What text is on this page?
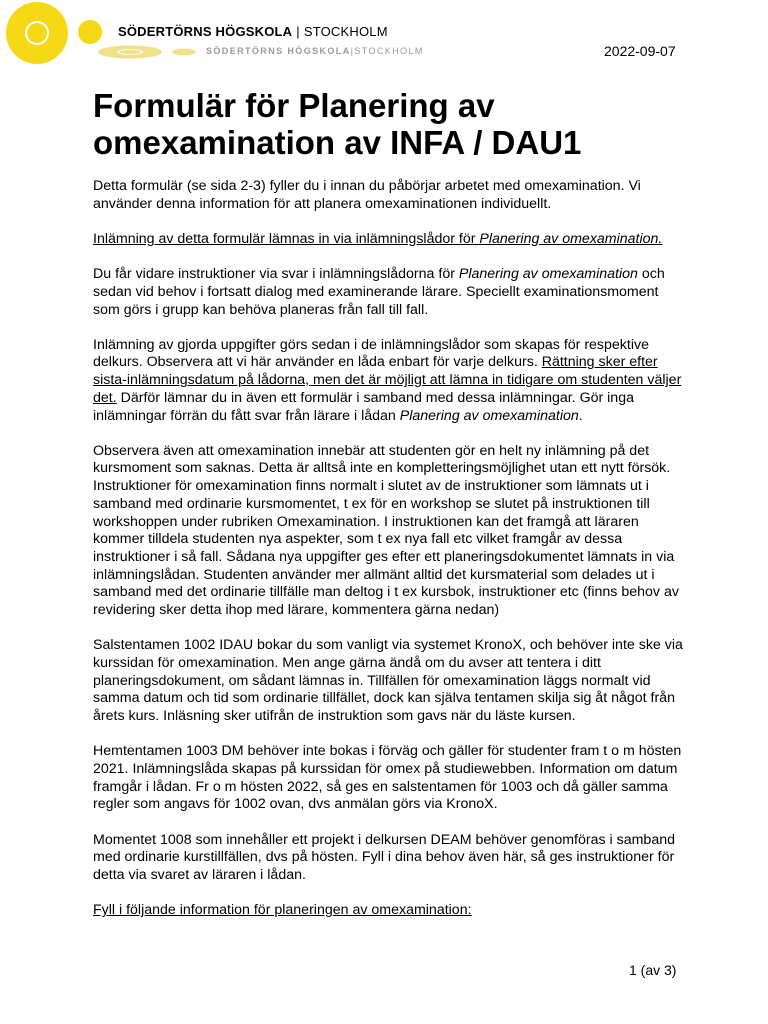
SÖDERTÖRNS HÖGSKOLA | STOCKHOLM
SÖDERTÖRNS HÖGSKOLA|STOCKHOLM	2022-09-07
Formulär för Planering av omexamination av INFA / DAU1

Detta formulär (se sida 2-3) fyller du i innan du påbörjar arbetet med omexamination. Vi använder denna information för att planera omexaminationen individuellt.

Inlämning av detta formulär lämnas in via inlämningslådor för Planering av omexamination.

Du får vidare instruktioner via svar i inlämningslådorna för Planering av omexamination och sedan vid behov i fortsatt dialog med examinerande lärare. Speciellt examinationsmoment som görs i grupp kan behöva planeras från fall till fall.

Inlämning av gjorda uppgifter görs sedan i de inlämningslådor som skapas för respektive delkurs. Observera att vi här använder en låda enbart för varje delkurs. Rättning sker efter sista-inlämningsdatum på lådorna, men det är möjligt att lämna in tidigare om studenten väljer det. Därför lämnar du in även ett formulär i samband med dessa inlämningar. Gör inga inlämningar förrän du fått svar från lärare i lådan Planering av omexamination.

Observera även att omexamination innebär att studenten gör en helt ny inlämning på det kursmoment som saknas. Detta är alltså inte en kompletteringsmöjlighet utan ett nytt försök. Instruktioner för omexamination finns normalt i slutet av de instruktioner som lämnats ut i samband med ordinarie kursmomentet, t ex för en workshop se slutet på instruktionen till workshoppen under rubriken Omexamination. I instruktionen kan det framgå att läraren kommer tilldela studenten nya aspekter, som t ex nya fall etc vilket framgår av dessa instruktioner i så fall. Sådana nya uppgifter ges efter ett planeringsdokumentet lämnats in via inlämningslådan. Studenten använder mer allmänt alltid det kursmaterial som delades ut i samband med det ordinarie tillfälle man deltog i t ex kursbok, instruktioner etc (finns behov av revidering sker detta ihop med lärare, kommentera gärna nedan)

Salstentamen 1002 IDAU bokar du som vanligt via systemet KronoX, och behöver inte ske via kurssidan för omexamination. Men ange gärna ändå om du avser att tentera i ditt planeringsdokument, om sådant lämnas in. Tillfällen för omexamination läggs normalt vid samma datum och tid som ordinarie tillfället, dock kan själva tentamen skilja sig åt något från årets kurs. Inläsning sker utifrån de instruktion som gavs när du läste kursen.

Hemtentamen 1003 DM behöver inte bokas i förväg och gäller för studenter fram t o m hösten 2021. Inlämningslåda skapas på kurssidan för omex på studiewebben. Information om datum framgår i lådan. Fr o m hösten 2022, så ges en salstentamen för 1003 och då gäller samma regler som angavs för 1002 ovan, dvs anmälan görs via KronoX.

Momentet 1008 som innehåller ett projekt i delkursen DEAM behöver genomföras i samband med ordinarie kurstillfällen, dvs på hösten. Fyll i dina behov även här, så ges instruktioner för detta via svaret av läraren i lådan.

Fyll i följande information för planeringen av omexamination:

1 (av 3)
